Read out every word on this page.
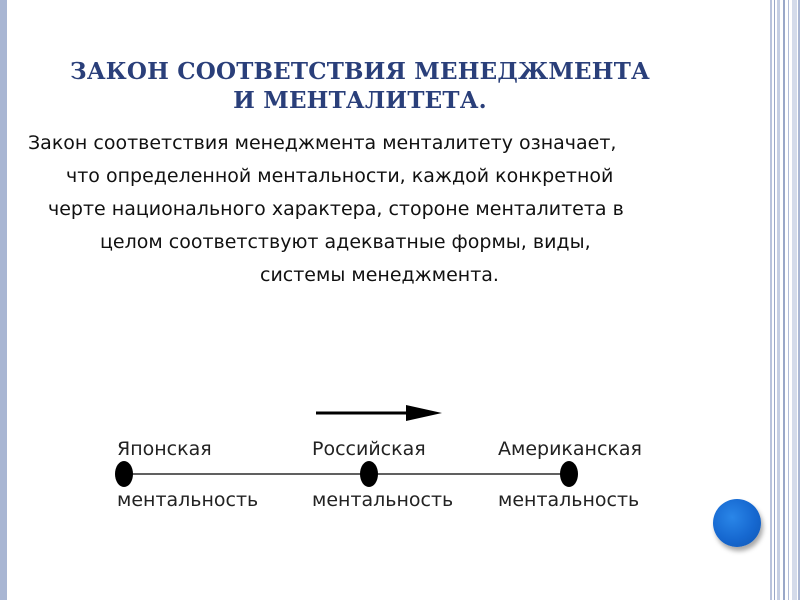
ЗАКОН СООТВЕТСТВИЯ МЕНЕДЖМЕНТА
И МЕНТАЛИТЕТА.
Закон соответствия менеджмента менталитету означает,
что определенной ментальности, каждой конкретной
черте национального характера, стороне менталитета в
целом соответствуют адекватные формы, виды,
системы менеджмента.
Японская
ментальность
Российская
ментальность
Американская
ментальность
